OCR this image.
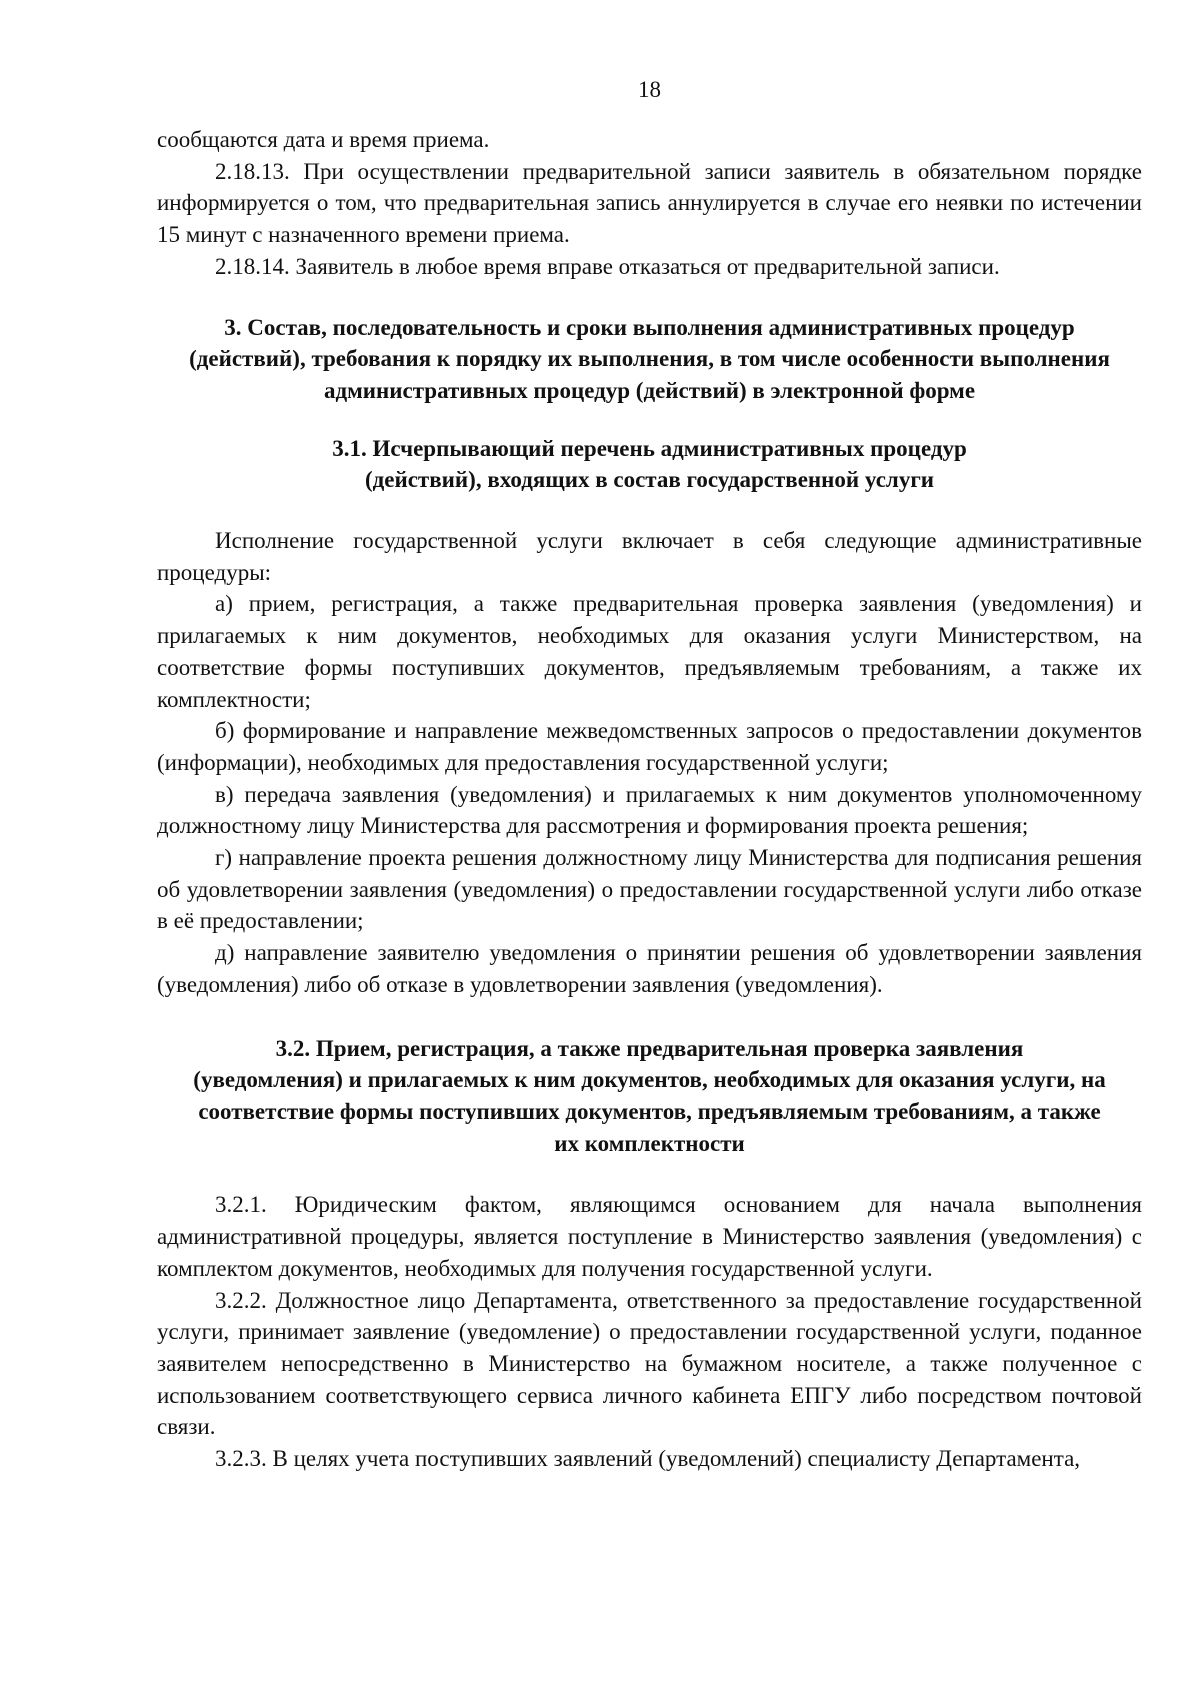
18

сообщаются дата и время приема.

2.18.13. При осуществлении предварительной записи заявитель в обязательном порядке информируется о том, что предварительная запись аннулируется в случае его неявки по истечении 15 минут с назначенного времени приема.

2.18.14. Заявитель в любое время вправе отказаться от предварительной записи.

3. Состав, последовательность и сроки выполнения административных процедур
(действий), требования к порядку их выполнения, в том числе особенности выполнения
административных процедур (действий) в электронной форме
3.1. Исчерпывающий перечень административных процедур
(действий), входящих в состав государственной услуги

Исполнение государственной услуги включает в себя следующие административные процедуры:

а) прием, регистрация, а также предварительная проверка заявления (уведомления) и прилагаемых к ним документов, необходимых для оказания услуги Министерством, на соответствие формы поступивших документов, предъявляемым требованиям, а также их комплектности;

б) формирование и направление межведомственных запросов о предоставлении документов (информации), необходимых для предоставления государственной услуги;

в) передача заявления (уведомления) и прилагаемых к ним документов уполномоченному должностному лицу Министерства для рассмотрения и формирования проекта решения;

г) направление проекта решения должностному лицу Министерства для подписания решения об удовлетворении заявления (уведомления) о предоставлении государственной услуги либо отказе в её предоставлении;

д) направление заявителю уведомления о принятии решения об удовлетворении заявления (уведомления) либо об отказе в удовлетворении заявления (уведомления).

3.2. Прием, регистрация, а также предварительная проверка заявления
(уведомления) и прилагаемых к ним документов, необходимых для оказания услуги, на
соответствие формы поступивших документов, предъявляемым требованиям, а также
их комплектности

3.2.1. Юридическим фактом, являющимся основанием для начала выполнения административной процедуры, является поступление в Министерство заявления (уведомления) с комплектом документов, необходимых для получения государственной услуги.

3.2.2. Должностное лицо Департамента, ответственного за предоставление государственной услуги, принимает заявление (уведомление) о предоставлении государственной услуги, поданное заявителем непосредственно в Министерство на бумажном носителе, а также полученное с использованием соответствующего сервиса личного кабинета ЕПГУ либо посредством почтовой связи.

3.2.3. В целях учета поступивших заявлений (уведомлений) специалисту Департамента,
